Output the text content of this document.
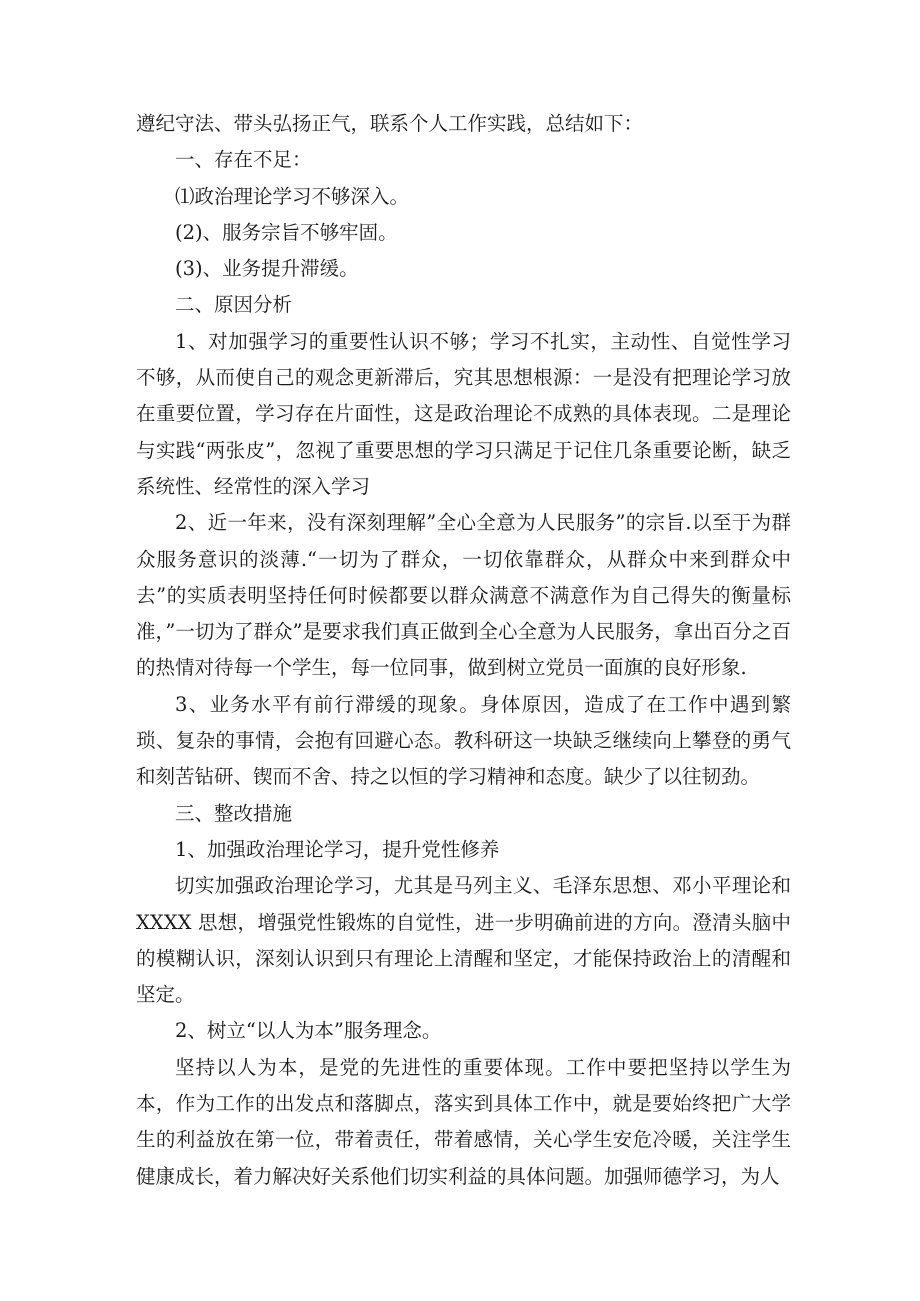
遵纪守法、带头弘扬正气，联系个人工作实践，总结如下：

一、存在不足：

⑴政治理论学习不够深入。

(2)、服务宗旨不够牢固。

(3)、业务提升滞缓。

二、原因分析

1、对加强学习的重要性认识不够；学习不扎实，主动性、自觉性学习不够，从而使自己的观念更新滞后，究其思想根源：一是没有把理论学习放在重要位置，学习存在片面性，这是政治理论不成熟的具体表现。二是理论与实践“两张皮”，忽视了重要思想的学习只满足于记住几条重要论断，缺乏系统性、经常性的深入学习

2、近一年来，没有深刻理解”全心全意为人民服务”的宗旨.以至于为群众服务意识的淡薄.“一切为了群众，一切依靠群众，从群众中来到群众中去”的实质表明坚持任何时候都要以群众满意不满意作为自己得失的衡量标准，”一切为了群众”是要求我们真正做到全心全意为人民服务，拿出百分之百的热情对待每一个学生，每一位同事，做到树立党员一面旗的良好形象.

3、业务水平有前行滞缓的现象。身体原因，造成了在工作中遇到繁琐、复杂的事情，会抱有回避心态。教科研这一块缺乏继续向上攀登的勇气和刻苦钻研、锲而不舍、持之以恒的学习精神和态度。缺少了以往韧劲。

三、整改措施

1、加强政治理论学习，提升党性修养

切实加强政治理论学习，尤其是马列主义、毛泽东思想、邓小平理论和 XXXX 思想，增强党性锻炼的自觉性，进一步明确前进的方向。澄清头脑中的模糊认识，深刻认识到只有理论上清醒和坚定，才能保持政治上的清醒和坚定。

2、树立“以人为本”服务理念。

坚持以人为本，是党的先进性的重要体现。工作中要把坚持以学生为本，作为工作的出发点和落脚点，落实到具体工作中，就是要始终把广大学生的利益放在第一位，带着责任，带着感情，关心学生安危冷暖，关注学生健康成长，着力解决好关系他们切实利益的具体问题。加强师德学习，为人
